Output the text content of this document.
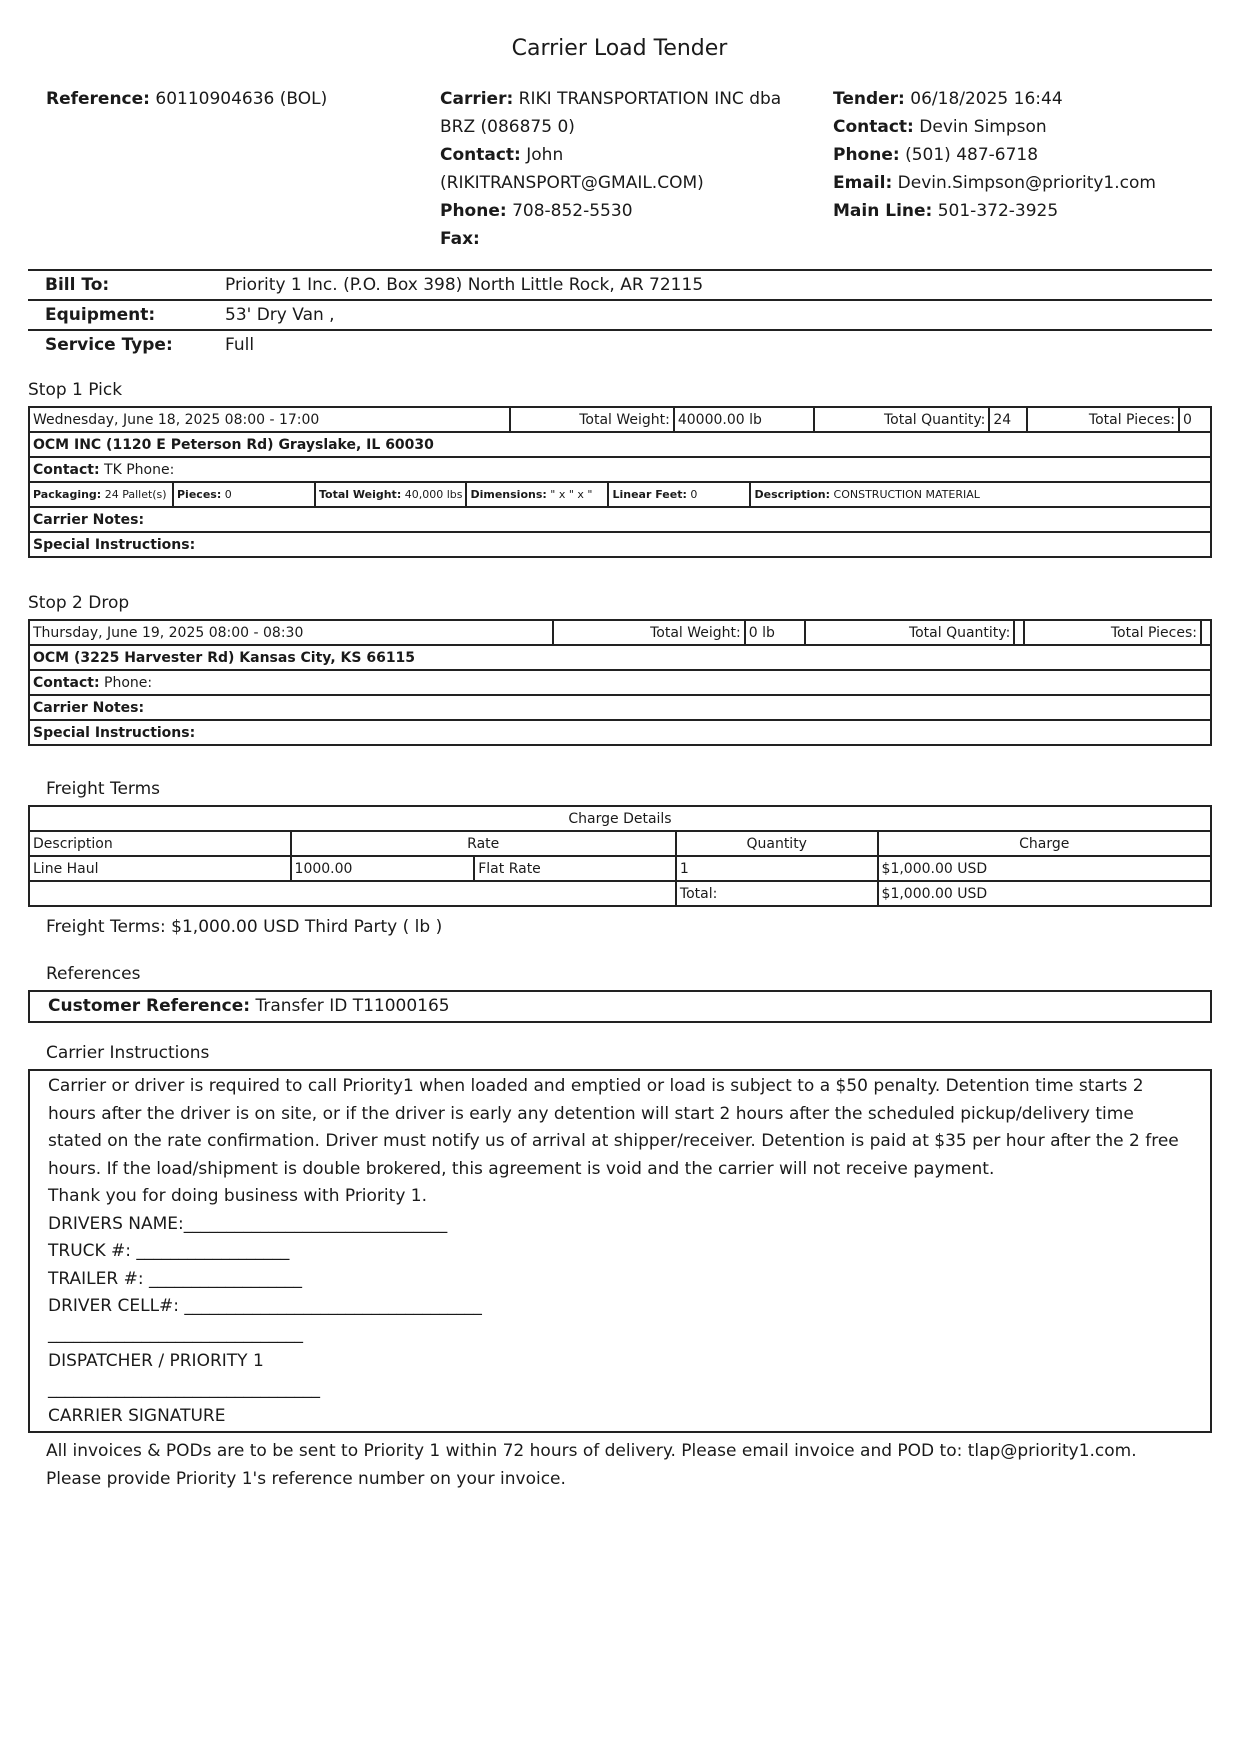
Carrier Load Tender
Reference: 60110904636 (BOL)	Carrier: RIKI TRANSPORTATION INC dba
BRZ (086875 0)
Contact: John
(RIKITRANSPORT@GMAIL.COM)
Phone: 708-852-5530
Fax:
Tender: 06/18/2025 16:44
Contact: Devin Simpson
Phone: (501) 487-6718
Email: Devin.Simpson@priority1.com
Main Line: 501-372-3925
Bill To:	Priority 1 Inc. (P.O. Box 398) North Little Rock, AR 72115
Equipment:	53' Dry Van ,
Service Type:	Full
Stop 1 Pick
Wednesday, June 18, 2025 08:00 - 17:00	Total Weight:	40000.00 lb	Total Quantity:	24	Total Pieces:	0
OCM INC (1120 E Peterson Rd) Grayslake, IL 60030
Contact: TK Phone:

Packaging: 24 Pallet(s)	Pieces: 0	Total Weight: 40,000 lbs	Dimensions: " x " x "	Linear Feet: 0	Description: CONSTRUCTION MATERIAL

Carrier Notes:
Special Instructions:
Stop 2 Drop
Thursday, June 19, 2025 08:00 - 08:30	Total Weight:	0 lb	Total Quantity:		Total Pieces:	
OCM (3225 Harvester Rd) Kansas City, KS 66115
Contact: Phone:
Carrier Notes:
Special Instructions:
Freight Terms
Charge Details				
Description	Rate		Quantity	Charge
Line Haul	1000.00	Flat Rate	1	$1,000.00 USD
			Total:	$1,000.00 USD
Freight Terms: $1,000.00 USD Third Party ( lb )
References
Customer Reference: Transfer ID T11000165
Carrier Instructions
Carrier or driver is required to call Priority1 when loaded and emptied or load is subject to a $50 penalty. Detention time starts 2 hours after the driver is on site, or if the driver is early any detention will start 2 hours after the scheduled pickup/delivery time stated on the rate confirmation. Driver must notify us of arrival at shipper/receiver. Detention is paid at $35 per hour after the 2 free hours. If the load/shipment is double brokered, this agreement is void and the carrier will not receive payment.
Thank you for doing business with Priority 1.
DRIVERS NAME:_______________________________
TRUCK #: __________________
TRAILER #: __________________
DRIVER CELL#: ___________________________________
______________________________
DISPATCHER / PRIORITY 1
________________________________
CARRIER SIGNATURE
All invoices & PODs are to be sent to Priority 1 within 72 hours of delivery. Please email invoice and POD to: tlap@priority1.com. Please provide Priority 1's reference number on your invoice.
